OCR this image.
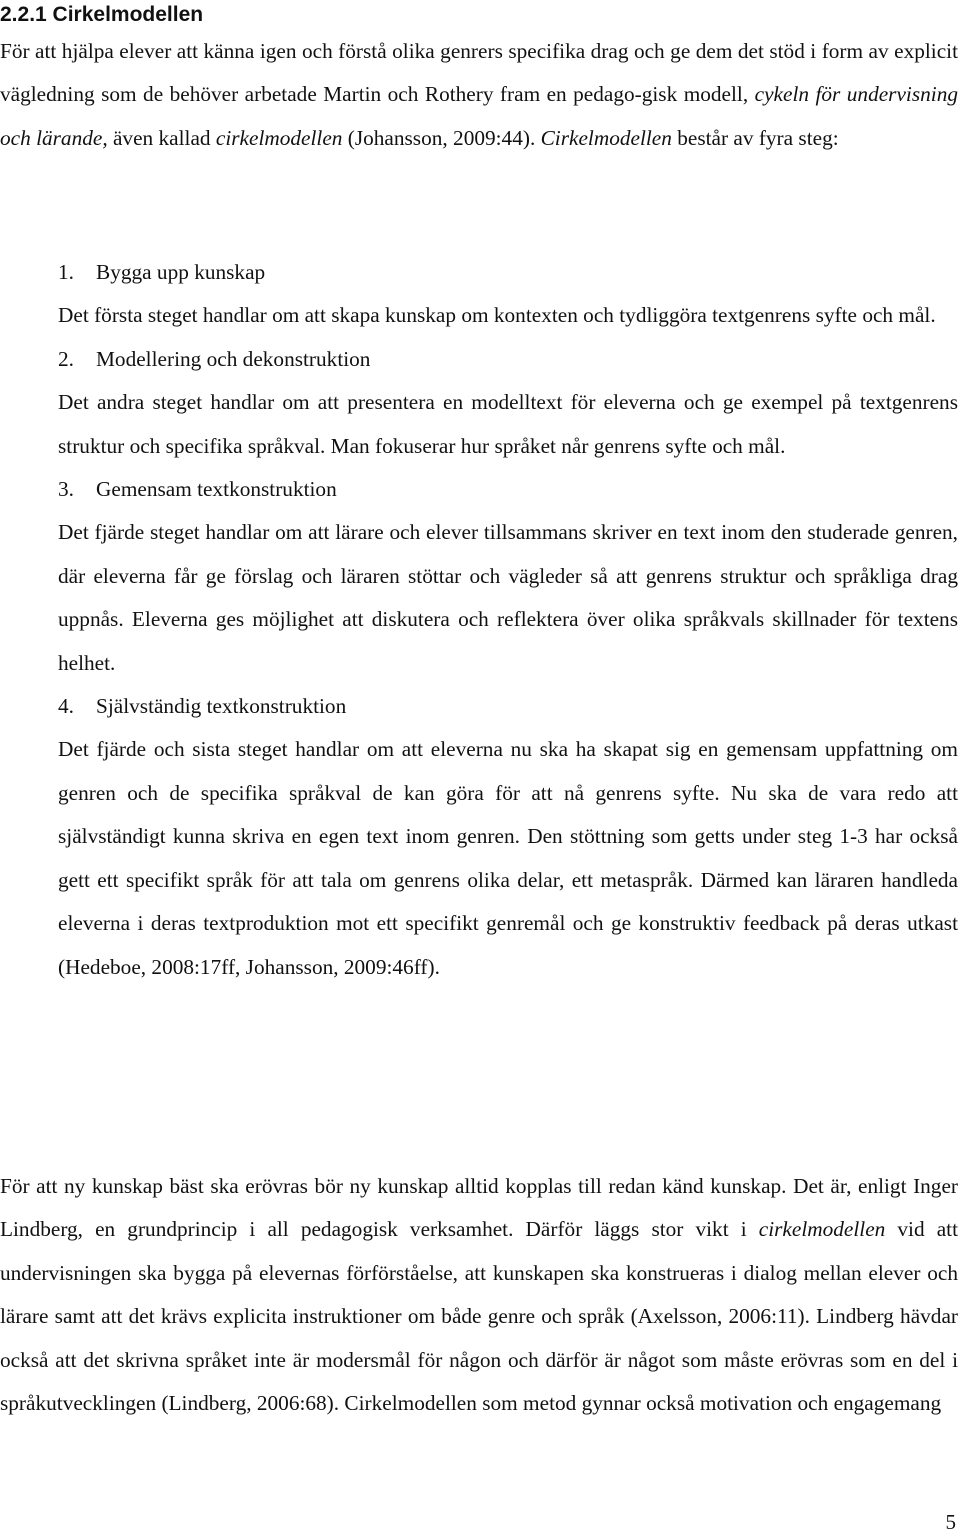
2.2.1 Cirkelmodellen

För att hjälpa elever att känna igen och förstå olika genrers specifika drag och ge dem det stöd i form av explicit vägledning som de behöver arbetade Martin och Rothery fram en pedago-gisk modell, cykeln för undervisning och lärande, även kallad cirkelmodellen (Johansson, 2009:44). Cirkelmodellen består av fyra steg:

1. Bygga upp kunskap
Det första steget handlar om att skapa kunskap om kontexten och tydliggöra textgenrens syfte och mål.
2. Modellering och dekonstruktion
Det andra steget handlar om att presentera en modelltext för eleverna och ge exempel på textgenrens struktur och specifika språkval. Man fokuserar hur språket når genrens syfte och mål.
3. Gemensam textkonstruktion
Det fjärde steget handlar om att lärare och elever tillsammans skriver en text inom den studerade genren, där eleverna får ge förslag och läraren stöttar och vägleder så att genrens struktur och språkliga drag uppnås. Eleverna ges möjlighet att diskutera och reflektera över olika språkvals skillnader för textens helhet.
4. Självständig textkonstruktion
Det fjärde och sista steget handlar om att eleverna nu ska ha skapat sig en gemensam uppfattning om genren och de specifika språkval de kan göra för att nå genrens syfte. Nu ska de vara redo att självständigt kunna skriva en egen text inom genren. Den stöttning som getts under steg 1-3 har också gett ett specifikt språk för att tala om genrens olika delar, ett metaspråk. Därmed kan läraren handleda eleverna i deras textproduktion mot ett specifikt genremål och ge konstruktiv feedback på deras utkast (Hedeboe, 2008:17ff, Johansson, 2009:46ff).

För att ny kunskap bäst ska erövras bör ny kunskap alltid kopplas till redan känd kunskap. Det är, enligt Inger Lindberg, en grundprincip i all pedagogisk verksamhet. Därför läggs stor vikt i cirkelmodellen vid att undervisningen ska bygga på elevernas förförståelse, att kunskapen ska konstrueras i dialog mellan elever och lärare samt att det krävs explicita instruktioner om både genre och språk (Axelsson, 2006:11). Lindberg hävdar också att det skrivna språket inte är modersmål för någon och därför är något som måste erövras som en del i språkutvecklingen (Lindberg, 2006:68). Cirkelmodellen som metod gynnar också motivation och engagemang

5
